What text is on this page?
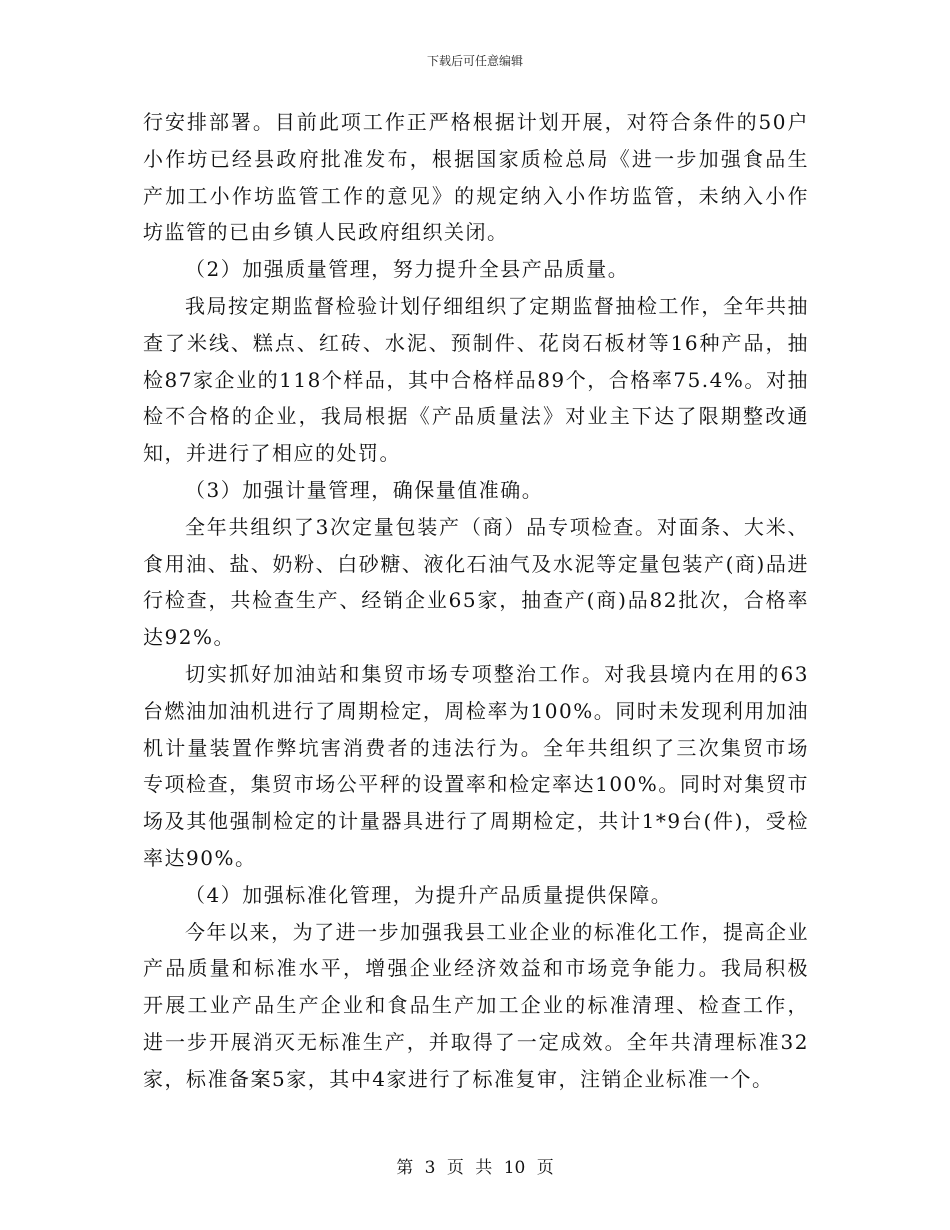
下载后可任意编辑

行安排部署。目前此项工作正严格根据计划开展，对符合条件的50户小作坊已经县政府批准发布，根据国家质检总局《进一步加强食品生产加工小作坊监管工作的意见》的规定纳入小作坊监管，未纳入小作坊监管的已由乡镇人民政府组织关闭。

（2）加强质量管理，努力提升全县产品质量。

我局按定期监督检验计划仔细组织了定期监督抽检工作，全年共抽查了米线、糕点、红砖、水泥、预制件、花岗石板材等16种产品，抽检87家企业的118个样品，其中合格样品89个，合格率75.4%。对抽检不合格的企业，我局根据《产品质量法》对业主下达了限期整改通知，并进行了相应的处罚。

（3）加强计量管理，确保量值准确。

全年共组织了3次定量包装产（商）品专项检查。对面条、大米、食用油、盐、奶粉、白砂糖、液化石油气及水泥等定量包装产(商)品进行检查，共检查生产、经销企业65家，抽查产(商)品82批次，合格率达92%。

切实抓好加油站和集贸市场专项整治工作。对我县境内在用的63台燃油加油机进行了周期检定，周检率为100%。同时未发现利用加油机计量装置作弊坑害消费者的违法行为。全年共组织了三次集贸市场专项检查，集贸市场公平秤的设置率和检定率达100%。同时对集贸市场及其他强制检定的计量器具进行了周期检定，共计1*9台(件)，受检率达90%。

（4）加强标准化管理，为提升产品质量提供保障。

今年以来，为了进一步加强我县工业企业的标准化工作，提高企业产品质量和标准水平，增强企业经济效益和市场竞争能力。我局积极开展工业产品生产企业和食品生产加工企业的标准清理、检查工作，进一步开展消灭无标准生产，并取得了一定成效。全年共清理标准32家，标准备案5家，其中4家进行了标准复审，注销企业标准一个。

第 3 页 共 10 页
